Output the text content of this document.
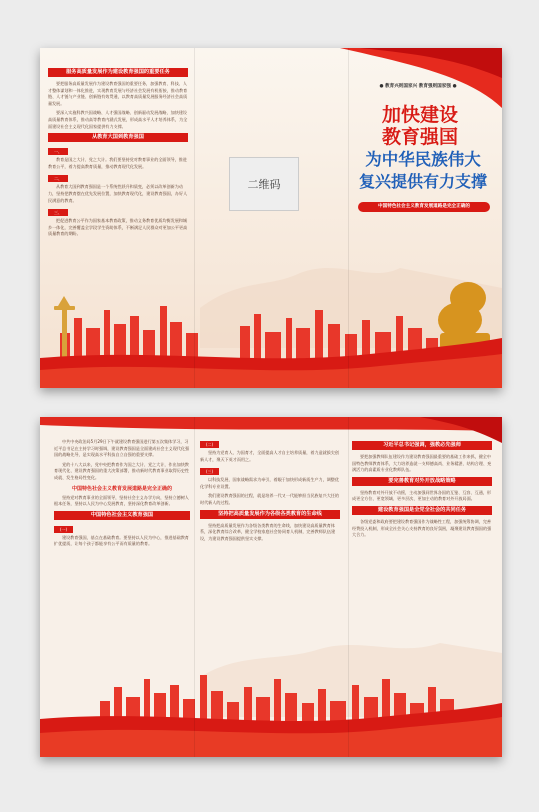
服务高质量发展作为建设教育强国的重要任务

要把服务高质量发展作为建设教育强国的重要任务，加强教育、科技、人才整体谋划和一体化推进，实现教育发展与经济社会发展有机衔接，推动教育链、人才链与产业链、创新链有效贯通，以教育高质量发展服务经济社会高质量发展。

要深入实施科教兴国战略、人才强国战略、创新驱动发展战略，加快建设高质量教育体系，推动高等教育内涵式发展，形成高水平人才培养体系，为全面建设社会主义现代化国家提供有力支撑。

从教育大国到教育强国
一、

教育是国之大计、党之大计。我们要坚持党对教育事业的全面领导，推进教育公平，着力提高教育质量，推动教育现代化发展。

二、

从教育大国到教育强国是一个系统性跃升和质变，必须以改革创新为动力，坚持把教育摆在优先发展位置，加快教育现代化，建设教育强国，办好人民满意的教育。

三、

把促进教育公平作为国家基本教育政策，推动义务教育优质均衡发展和城乡一体化，完善覆盖全学段学生资助体系，不断满足人民群众对更加公平更高质量教育的期盼。

二维码
● 教育兴则国家兴 教育强则国家强 ●
加快建设
教育强国
为中华民族伟大
复兴提供有力支撑
中国特色社会主义教育发展道路是完全正确的

中共中央政治局5月29日下午就建设教育强国进行第五次集体学习，习近平总书记在主持学习时强调，建设教育强国是全面建成社会主义现代化强国的战略先导，是实现高水平科技自立自强的重要支撑。

党的十八大以来，党中央把教育作为国之大计、党之大计，作出加快教育现代化、建设教育强国的重大决策部署，推动新时代教育事业取得历史性成就、发生格局性变化。

中国特色社会主义教育发展道路是完全正确的

坚持党对教育事业的全面领导，坚持社会主义办学方向，坚持立德树人根本任务，坚持以人民为中心发展教育，坚持深化教育改革创新。

中国特色社会主义教育强国
(一)

建设教育强国，基点在基础教育。要坚持以人民为中心，推进基础教育扩优提质，让每个孩子都能享有公平而有质量的教育。

(二)

坚持为党育人、为国育才，全面提高人才自主培养质量，着力造就拔尖创新人才，聚天下英才而用之。

(三)

以科技发展、国家战略需求为牵引，着眼于加快形成新质生产力，调整优化学科专业设置。

我们建设教育强国的过程，就是培养一代又一代能够担当民族复兴大任的时代新人的过程。

坚持把高质量发展作为各级各类教育的生命线

坚持把高质量发展作为各级各类教育的生命线，加快建设高质量教育体系，深化教育综合改革，健全学校家庭社会协同育人机制，完善教师队伍建设，为建设教育强国提供坚实支撑。

习近平总书记强调，强教必先强师

要把加强教师队伍建设作为建设教育强国最重要的基础工作来抓，健全中国特色教师教育体系，大力培养造就一支师德高尚、业务精湛、结构合理、充满活力的高素质专业化教师队伍。

要完善教育对外开放战略策略

坚持教育对外开放不动摇，主动加强同世界各国的互鉴、互容、互通，形成更全方位、更宽领域、更多层次、更加主动的教育对外开放局面。

建设教育强国是全党全社会的共同任务

各级党委和政府要把建设教育强国作为战略性工程，加强统筹协调，完善经费投入机制，形成全社会关心支持教育的良好氛围，凝聚建设教育强国的强大合力。
